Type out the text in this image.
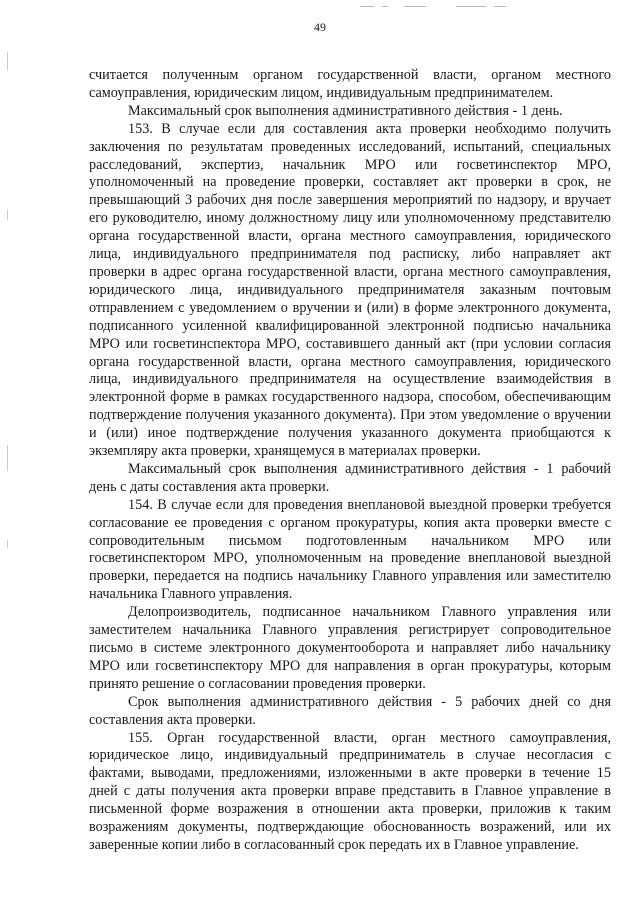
49

считается полученным органом государственной власти, органом местного самоуправления, юридическим лицом, индивидуальным предпринимателем.

Максимальный срок выполнения административного действия - 1 день.

153. В случае если для составления акта проверки необходимо получить заключения по результатам проведенных исследований, испытаний, специальных расследований, экспертиз, начальник МРО или госветинспектор МРО, уполномоченный на проведение проверки, составляет акт проверки в срок, не превышающий 3 рабочих дня после завершения мероприятий по надзору, и вручает его руководителю, иному должностному лицу или уполномоченному представителю органа государственной власти, органа местного самоуправления, юридического лица, индивидуального предпринимателя под расписку, либо направляет акт проверки в адрес органа государственной власти, органа местного самоуправления, юридического лица, индивидуального предпринимателя заказным почтовым отправлением с уведомлением о вручении и (или) в форме электронного документа, подписанного усиленной квалифицированной электронной подписью начальника МРО или госветинспектора МРО, составившего данный акт (при условии согласия органа государственной власти, органа местного самоуправления, юридического лица, индивидуального предпринимателя на осуществление взаимодействия в электронной форме в рамках государственного надзора, способом, обеспечивающим подтверждение получения указанного документа). При этом уведомление о вручении и (или) иное подтверждение получения указанного документа приобщаются к экземпляру акта проверки, хранящемуся в материалах проверки.

Максимальный срок выполнения административного действия - 1 рабочий день с даты составления акта проверки.

154. В случае если для проведения внеплановой выездной проверки требуется согласование ее проведения с органом прокуратуры, копия акта проверки вместе с сопроводительным письмом подготовленным начальником МРО или госветинспектором МРО, уполномоченным на проведение внеплановой выездной проверки, передается на подпись начальнику Главного управления или заместителю начальника Главного управления.

Делопроизводитель, подписанное начальником Главного управления или заместителем начальника Главного управления регистрирует сопроводительное письмо в системе электронного документооборота и направляет либо начальнику МРО или госветинспектору МРО для направления в орган прокуратуры, которым принято решение о согласовании проведения проверки.

Срок выполнения административного действия - 5 рабочих дней со дня составления акта проверки.

155. Орган государственной власти, орган местного самоуправления, юридическое лицо, индивидуальный предприниматель в случае несогласия с фактами, выводами, предложениями, изложенными в акте проверки в течение 15 дней с даты получения акта проверки вправе представить в Главное управление в письменной форме возражения в отношении акта проверки, приложив к таким возражениям документы, подтверждающие обоснованность возражений, или их заверенные копии либо в согласованный срок передать их в Главное управление.
